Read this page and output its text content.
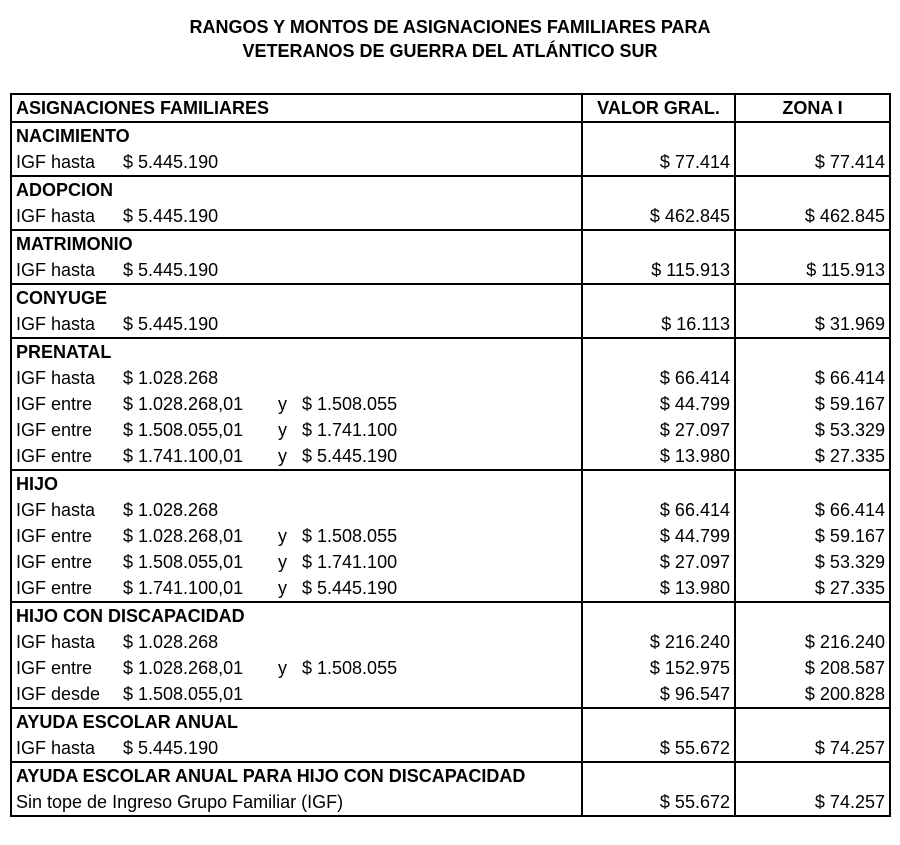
RANGOS Y MONTOS DE ASIGNACIONES FAMILIARES PARA
VETERANOS DE GUERRA DEL ATLÁNTICO SUR
ASIGNACIONES FAMILIARES	VALOR GRAL.	ZONA I
NACIMIENTO		

IGF hasta $ 5.445.190	$ 77.414	$ 77.414
ADOPCION		

IGF hasta $ 5.445.190	$ 462.845	$ 462.845
MATRIMONIO		

IGF hasta $ 5.445.190	$ 115.913	$ 115.913
CONYUGE		

IGF hasta $ 5.445.190	$ 16.113	$ 31.969
PRENATAL		

IGF hasta $ 1.028.268	$ 66.414	$ 66.414

IGF entre $ 1.028.268,01 y $ 1.508.055	$ 44.799	$ 59.167

IGF entre $ 1.508.055,01 y $ 1.741.100	$ 27.097	$ 53.329

IGF entre $ 1.741.100,01 y $ 5.445.190	$ 13.980	$ 27.335
HIJO		

IGF hasta $ 1.028.268	$ 66.414	$ 66.414

IGF entre $ 1.028.268,01 y $ 1.508.055	$ 44.799	$ 59.167

IGF entre $ 1.508.055,01 y $ 1.741.100	$ 27.097	$ 53.329

IGF entre $ 1.741.100,01 y $ 5.445.190	$ 13.980	$ 27.335
HIJO CON DISCAPACIDAD		

IGF hasta $ 1.028.268	$ 216.240	$ 216.240

IGF entre $ 1.028.268,01 y $ 1.508.055	$ 152.975	$ 208.587

IGF desde $ 1.508.055,01	$ 96.547	$ 200.828
AYUDA ESCOLAR ANUAL		

IGF hasta $ 5.445.190	$ 55.672	$ 74.257
AYUDA ESCOLAR ANUAL PARA HIJO CON DISCAPACIDAD		

Sin tope de Ingreso Grupo Familiar (IGF)	$ 55.672	$ 74.257
